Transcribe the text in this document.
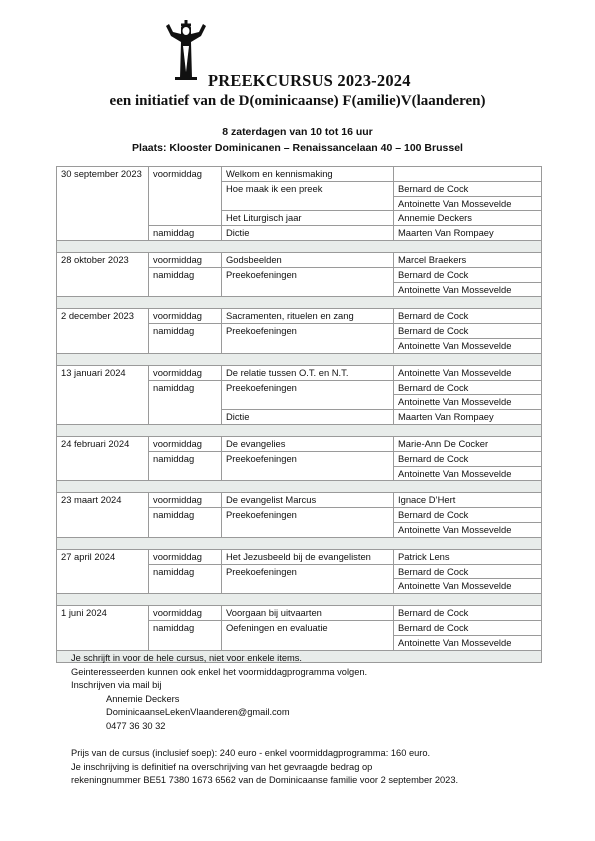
PREEKCURSUS 2023-2024
een initiatief van de D(ominicaanse) F(amilie)V(laanderen)
8 zaterdagen van 10 tot 16 uur
Plaats: Klooster Dominicanen – Renaissancelaan 40 – 100 Brussel
30 september 2023	voormiddag	Welkom en kennismaking	
		Hoe maak ik een preek	Bernard de Cock
			Antoinette Van Mossevelde
		Het Liturgisch jaar	Annemie Deckers
	namiddag	Dictie	Maarten Van Rompaey

28 oktober 2023	voormiddag	Godsbeelden	Marcel Braekers
	namiddag	Preekoefeningen	Bernard de Cock
			Antoinette Van Mossevelde

2 december 2023	voormiddag	Sacramenten, rituelen en zang	Bernard de Cock
	namiddag	Preekoefeningen	Bernard de Cock
			Antoinette Van Mossevelde

13 januari 2024	voormiddag	De relatie tussen O.T. en N.T.	Antoinette Van Mossevelde
	namiddag	Preekoefeningen	Bernard de Cock
			Antoinette Van Mossevelde
		Dictie	Maarten Van Rompaey

24 februari 2024	voormiddag	De evangelies	Marie-Ann De Cocker
	namiddag	Preekoefeningen	Bernard de Cock
			Antoinette Van Mossevelde

23 maart 2024	voormiddag	De evangelist Marcus	Ignace D’Hert
	namiddag	Preekoefeningen	Bernard de Cock
			Antoinette Van Mossevelde

27 april 2024	voormiddag	Het Jezusbeeld bij de evangelisten	Patrick Lens
	namiddag	Preekoefeningen	Bernard de Cock
			Antoinette Van Mossevelde

1 juni 2024	voormiddag	Voorgaan bij uitvaarten	Bernard de Cock
	namiddag	Oefeningen en evaluatie	Bernard de Cock
			Antoinette Van Mossevelde

Je schrijft in voor de hele cursus, niet voor enkele items.
Geinteresseerden kunnen ook enkel het voormiddagprogramma volgen.
Inschrijven via mail bij
Annemie Deckers
DominicaanseLekenVlaanderen@gmail.com
0477 36 30 32
Prijs van de cursus (inclusief soep): 240 euro - enkel voormiddagprogramma: 160 euro.
Je inschrijving is definitief na overschrijving van het gevraagde bedrag op
rekeningnummer BE51 7380 1673 6562 van de Dominicaanse familie voor 2 september 2023.
